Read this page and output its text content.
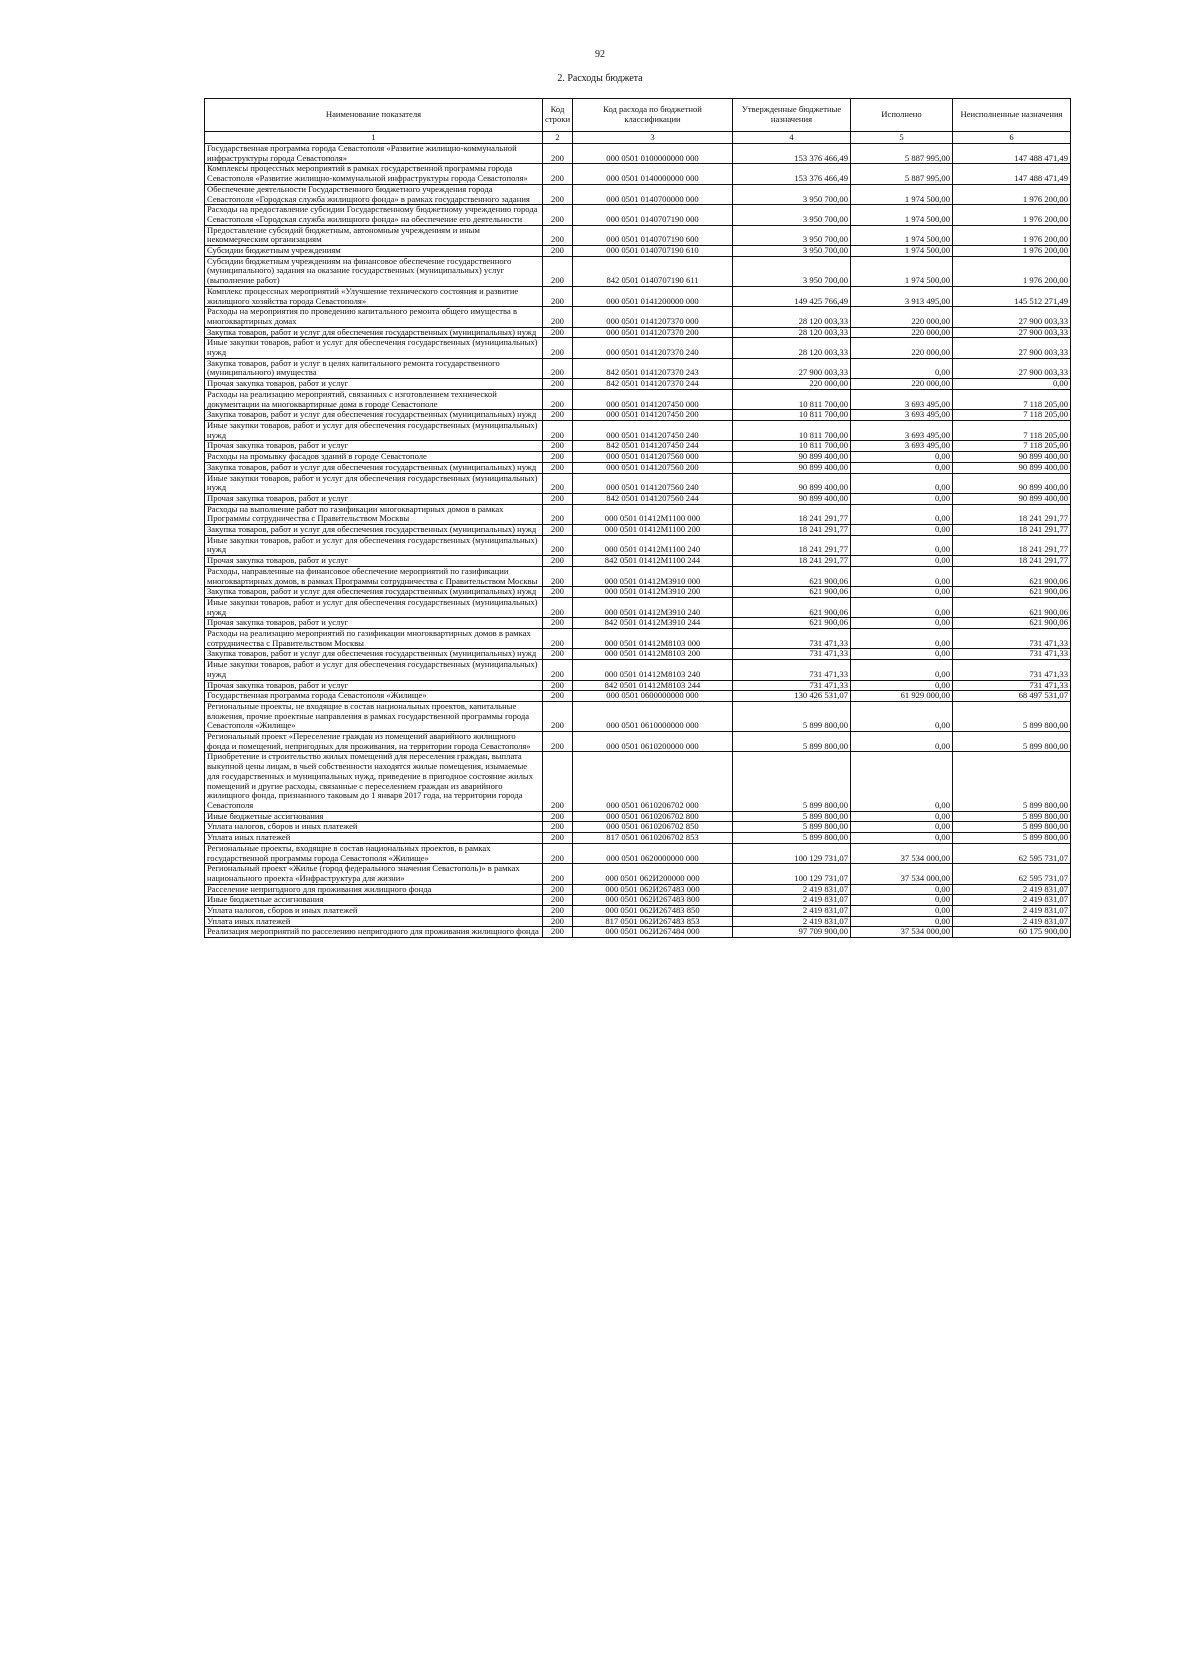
92
2. Расходы бюджета
Наименование показателя	Код строки	Код расхода по бюджетной классификации	Утвержденные бюджетные назначения	Исполнено	Неисполненные назначения
1	2	3	4	5	6
Государственная программа города Севастополя «Развитие жилищно-коммунальной инфраструктуры города Севастополя»	200	000 0501 0100000000 000	153 376 466,49	5 887 995,00	147 488 471,49
Комплексы процессных мероприятий в рамках государственной программы города Севастополя «Развитие жилищно-коммунальной инфраструктуры города Севастополя»	200	000 0501 0140000000 000	153 376 466,49	5 887 995,00	147 488 471,49
Обеспечение деятельности Государственного бюджетного учреждения города Севастополя «Городская служба жилищного фонда» в рамках государственного задания	200	000 0501 0140700000 000	3 950 700,00	1 974 500,00	1 976 200,00
Расходы на предоставление субсидии Государственному бюджетному учреждению города Севастополя «Городская служба жилищного фонда» на обеспечение его деятельности	200	000 0501 0140707190 000	3 950 700,00	1 974 500,00	1 976 200,00
Предоставление субсидий бюджетным, автономным учреждениям и иным некоммерческим организациям	200	000 0501 0140707190 600	3 950 700,00	1 974 500,00	1 976 200,00
Субсидии бюджетным учреждениям	200	000 0501 0140707190 610	3 950 700,00	1 974 500,00	1 976 200,00
Субсидии бюджетным учреждениям на финансовое обеспечение государственного (муниципального) задания на оказание государственных (муниципальных) услуг (выполнение работ)	200	842 0501 0140707190 611	3 950 700,00	1 974 500,00	1 976 200,00
Комплекс процессных мероприятий «Улучшение технического состояния и развитие жилищного хозяйства города Севастополя»	200	000 0501 0141200000 000	149 425 766,49	3 913 495,00	145 512 271,49
Расходы на мероприятия по проведению капитального ремонта общего имущества в многоквартирных домах	200	000 0501 0141207370 000	28 120 003,33	220 000,00	27 900 003,33
Закупка товаров, работ и услуг для обеспечения государственных (муниципальных) нужд	200	000 0501 0141207370 200	28 120 003,33	220 000,00	27 900 003,33
Иные закупки товаров, работ и услуг для обеспечения государственных (муниципальных) нужд	200	000 0501 0141207370 240	28 120 003,33	220 000,00	27 900 003,33
Закупка товаров, работ и услуг в целях капитального ремонта государственного (муниципального) имущества	200	842 0501 0141207370 243	27 900 003,33	0,00	27 900 003,33
Прочая закупка товаров, работ и услуг	200	842 0501 0141207370 244	220 000,00	220 000,00	0,00
Расходы на реализацию мероприятий, связанных с изготовлением технической документации на многоквартирные дома в городе Севастополе	200	000 0501 0141207450 000	10 811 700,00	3 693 495,00	7 118 205,00
Закупка товаров, работ и услуг для обеспечения государственных (муниципальных) нужд	200	000 0501 0141207450 200	10 811 700,00	3 693 495,00	7 118 205,00
Иные закупки товаров, работ и услуг для обеспечения государственных (муниципальных) нужд	200	000 0501 0141207450 240	10 811 700,00	3 693 495,00	7 118 205,00
Прочая закупка товаров, работ и услуг	200	842 0501 0141207450 244	10 811 700,00	3 693 495,00	7 118 205,00
Расходы на промывку фасадов зданий в городе Севастополе	200	000 0501 0141207560 000	90 899 400,00	0,00	90 899 400,00
Закупка товаров, работ и услуг для обеспечения государственных (муниципальных) нужд	200	000 0501 0141207560 200	90 899 400,00	0,00	90 899 400,00
Иные закупки товаров, работ и услуг для обеспечения государственных (муниципальных) нужд	200	000 0501 0141207560 240	90 899 400,00	0,00	90 899 400,00
Прочая закупка товаров, работ и услуг	200	842 0501 0141207560 244	90 899 400,00	0,00	90 899 400,00
Расходы на выполнение работ по газификации многоквартирных домов в рамках Программы сотрудничества с Правительством Москвы	200	000 0501 01412М1100 000	18 241 291,77	0,00	18 241 291,77
Закупка товаров, работ и услуг для обеспечения государственных (муниципальных) нужд	200	000 0501 01412М1100 200	18 241 291,77	0,00	18 241 291,77
Иные закупки товаров, работ и услуг для обеспечения государственных (муниципальных) нужд	200	000 0501 01412М1100 240	18 241 291,77	0,00	18 241 291,77
Прочая закупка товаров, работ и услуг	200	842 0501 01412М1100 244	18 241 291,77	0,00	18 241 291,77
Расходы, направленные на финансовое обеспечение мероприятий по газификации многоквартирных домов, в рамках Программы сотрудничества с Правительством Москвы	200	000 0501 01412М3910 000	621 900,06	0,00	621 900,06
Закупка товаров, работ и услуг для обеспечения государственных (муниципальных) нужд	200	000 0501 01412М3910 200	621 900,06	0,00	621 900,06
Иные закупки товаров, работ и услуг для обеспечения государственных (муниципальных) нужд	200	000 0501 01412М3910 240	621 900,06	0,00	621 900,06
Прочая закупка товаров, работ и услуг	200	842 0501 01412М3910 244	621 900,06	0,00	621 900,06
Расходы на реализацию мероприятий по газификации многоквартирных домов в рамках сотрудничества с Правительством Москвы	200	000 0501 01412М8103 000	731 471,33	0,00	731 471,33
Закупка товаров, работ и услуг для обеспечения государственных (муниципальных) нужд	200	000 0501 01412М8103 200	731 471,33	0,00	731 471,33
Иные закупки товаров, работ и услуг для обеспечения государственных (муниципальных) нужд	200	000 0501 01412М8103 240	731 471,33	0,00	731 471,33
Прочая закупка товаров, работ и услуг	200	842 0501 01412М8103 244	731 471,33	0,00	731 471,33
Государственная программа города Севастополя «Жилище»	200	000 0501 0600000000 000	130 426 531,07	61 929 000,00	68 497 531,07
Региональные проекты, не входящие в состав национальных проектов, капитальные вложения, прочие проектные направления в рамках государственной программы города Севастополя «Жилище»	200	000 0501 0610000000 000	5 899 800,00	0,00	5 899 800,00
Региональный проект «Переселение граждан из помещений аварийного жилищного фонда и помещений, непригодных для проживания, на территории города Севастополя»	200	000 0501 0610200000 000	5 899 800,00	0,00	5 899 800,00
Приобретение и строительство жилых помещений для переселения граждан, выплата выкупной цены лицам, в чьей собственности находятся жилые помещения, изымаемые для государственных и муниципальных нужд, приведение в пригодное состояние жилых помещений и другие расходы, связанные с переселением граждан из аварийного жилищного фонда, признанного таковым до 1 января 2017 года, на территории города Севастополя	200	000 0501 0610206702 000	5 899 800,00	0,00	5 899 800,00
Иные бюджетные ассигнования	200	000 0501 0610206702 800	5 899 800,00	0,00	5 899 800,00
Уплата налогов, сборов и иных платежей	200	000 0501 0610206702 850	5 899 800,00	0,00	5 899 800,00
Уплата иных платежей	200	817 0501 0610206702 853	5 899 800,00	0,00	5 899 800,00
Региональные проекты, входящие в состав национальных проектов, в рамках государственной программы города Севастополя «Жилище»	200	000 0501 0620000000 000	100 129 731,07	37 534 000,00	62 595 731,07
Региональный проект «Жилье (город федерального значения Севастополь)» в рамках национального проекта «Инфраструктура для жизни»	200	000 0501 062И200000 000	100 129 731,07	37 534 000,00	62 595 731,07
Расселение непригодного для проживания жилищного фонда	200	000 0501 062И267483 000	2 419 831,07	0,00	2 419 831,07
Иные бюджетные ассигнования	200	000 0501 062И267483 800	2 419 831,07	0,00	2 419 831,07
Уплата налогов, сборов и иных платежей	200	000 0501 062И267483 850	2 419 831,07	0,00	2 419 831,07
Уплата иных платежей	200	817 0501 062И267483 853	2 419 831,07	0,00	2 419 831,07
Реализация мероприятий по расселению непригодного для проживания жилищного фонда	200	000 0501 062И267484 000	97 709 900,00	37 534 000,00	60 175 900,00
